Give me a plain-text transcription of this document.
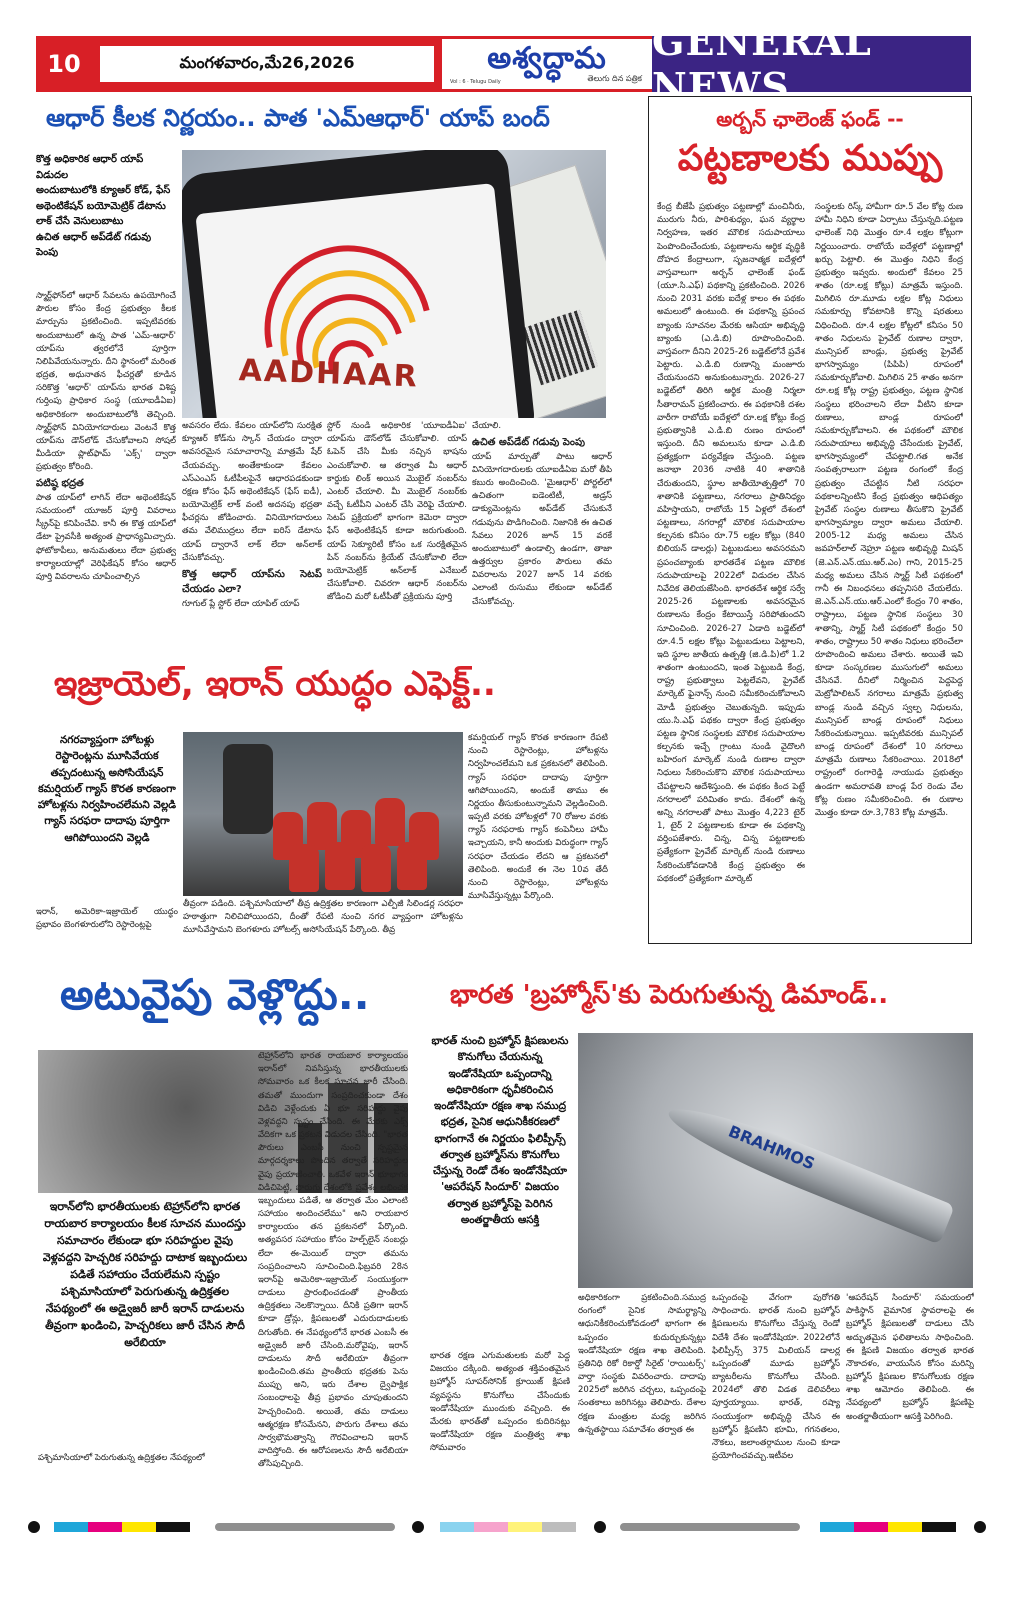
10	మంగళవారం,మే26,2026	అశ్వద్ధామ
తెలుగు దిన పత్రిక
Vol : 6 · Telugu Daily
GENERAL NEWS
ఆధార్ కీలక నిర్ణయం.. పాత 'ఎమ్ఆధార్' యాప్ బంద్
కొత్త అధికారిక ఆధార్ యాప్ విడుదల
అందుబాటులోకి క్యూఆర్ కోడ్, ఫేస్ అథెంటికేషన్ బయోమెట్రిక్ డేటాను లాక్ చేసే వెసులుబాటు
ఉచిత ఆధార్ అప్‌డేట్ గడువు పెంపు
స్మార్ట్‌ఫోన్‌లో ఆధార్ సేవలను ఉపయోగించే పౌరుల కోసం కేంద్ర ప్రభుత్వం కీలక మార్పును ప్రకటించింది. ఇప్పటివరకు అందుబాటులో ఉన్న పాత 'ఎమ్-ఆధార్' యాప్‌ను త్వరలోనే పూర్తిగా నిలిపివేయనున్నారు. దీని స్థానంలో మరింత భద్రత, అధునాతన ఫీచర్లతో కూడిన సరికొత్త 'ఆధార్' యాప్‌ను భారత విశిష్ట గుర్తింపు ప్రాధికార సంస్థ (యూఐడీఏఐ) అధికారికంగా అందుబాటులోకి తెచ్చింది. స్మార్ట్‌ఫోన్ వినియోగదారులు వెంటనే కొత్త యాప్‌ను డౌన్‌లోడ్ చేసుకోవాలని సోషల్ మీడియా ప్లాట్‌ఫామ్ 'ఎక్స్' ద్వారా ప్రభుత్వం కోరింది.
పటిష్ఠ భద్రత
పాత యాప్‌లో లాగిన్ లేదా అథెంటికేషన్ సమయంలో యూజర్ పూర్తి వివరాలు స్క్రీన్‌పై కనిపించేవి. కానీ ఈ కొత్త యాప్‌లో డేటా ప్రైవసీకి అత్యంత ప్రాధాన్యమిచ్చారు. ఫోటోకాపీలు, అనుమతులు లేదా ప్రభుత్వ కార్యాలయాల్లో వెరిఫికేషన్ కోసం ఆధార్ పూర్తి వివరాలను చూపించాల్సిన
AADHAAR
అవసరం లేదు. కేవలం యాప్‌లోని సురక్షిత క్యూఆర్ కోడ్‌ను స్కాన్ చేయడం ద్వారా అవసరమైన సమాచారాన్ని మాత్రమే షేర్ చేయవచ్చు. అంతేకాకుండా కేవలం ఎస్ఎంఎస్ ఓటీపీలపైనే ఆధారపడకుండా రక్షణ కోసం ఫేస్ అథెంటికేషన్ (ఫేస్ ఐడీ), బయోమెట్రిక్ లాక్ వంటి అదనపు భద్రతా ఫీచర్లను జోడించారు. వినియోగదారులు తమ వేలిముద్రలు లేదా ఐరిస్ డేటాను యాప్ ద్వారానే లాక్ లేదా అన్‌లాక్ చేసుకోవచ్చు.
కొత్త ఆధార్ యాప్‌ను సెటప్ చేయడం ఎలా?
గూగుల్ ప్లే స్టోర్ లేదా యాపిల్ యాప్
స్టోర్ నుండి అధికారిక 'యూఐడీఏఐ' యాప్‌ను డౌన్‌లోడ్ చేసుకోవాలి. యాప్ ఓపెన్ చేసి మీకు నచ్చిన భాషను ఎంచుకోవాలి. ఆ తర్వాత మీ ఆధార్ కార్డుకు లింక్ అయిన మొబైల్ నంబర్‌ను ఎంటర్ చేయాలి. మీ మొబైల్ నంబర్‌కు వచ్చే ఓటీపీని ఎంటర్ చేసి వెరిఫై చేయాలి. సెటప్ ప్రక్రియలో భాగంగా కెమెరా ద్వారా ఫేస్ అథెంటికేషన్ కూడా జరుగుతుంది. యాప్ సెక్యూరిటీ కోసం ఒక సురక్షితమైన పిన్ నంబర్‌ను క్రియేట్ చేసుకోవాలి లేదా బయోమెట్రిక్ అన్‌లాక్ ఎనేబుల్ చేసుకోవాలి. చివరగా ఆధార్ నంబర్‌ను జోడించి మరో ఓటీపీతో ప్రక్రియను పూర్తి
చేయాలి.
ఉచిత అప్‌డేట్ గడువు పెంపు
యాప్ మార్పుతో పాటు ఆధార్ వినియోగదారులకు యూఐడీఏఐ మరో తీపి కబురు అందించింది. 'మైఆధార్' పోర్టల్‌లో ఉచితంగా ఐడెంటిటీ, అడ్రస్ డాక్యుమెంట్లను అప్‌డేట్ చేసుకునే గడువును పొడిగించింది. నిజానికి ఈ ఉచిత సేవలు 2026 జూన్ 15 వరకే అందుబాటులో ఉండాల్సి ఉండగా, తాజా ఉత్తర్వుల ప్రకారం పౌరులు తమ వివరాలను 2027 జూన్ 14 వరకు ఎలాంటి రుసుము లేకుండా అప్‌డేట్ చేసుకోవచ్చు.
అర్బన్ ఛాలెంజ్ ఫండ్ --
పట్టణాలకు ముప్పు
కేంద్ర బీజేపీ ప్రభుత్వం పట్టణాల్లో మంచినీరు, మురుగు నీరు, పారిశుధ్యం, ఘన వ్యర్థాల నిర్వహణ, ఇతర మౌలిక సదుపాయాలు పెంపొందించేందుకు, పట్టణాలను ఆర్థిక వృద్ధికి దోహద కేంద్రాలుగా, సృజనాత్మక ఐదేళ్లలో వాస్తవాలుగా అర్బన్ ఛాలెంజ్ ఫండ్ (యూ.సి.ఎఫ్) పథకాన్ని ప్రకటించింది. 2026 నుంచి 2031 వరకు ఐదేళ్ల కాలం ఈ పథకం అమలులో ఉంటుంది. ఈ పథకాన్ని ప్రపంచ బ్యాంకు సూచనల మేరకు ఆసియా అభివృద్ధి బ్యాంకు (ఎ.డి.బి) రూపొందించింది. వాస్తవంగా దీనిని 2025-26 బడ్జెట్‌లోనే ప్రవేశ పెట్టారు. ఎ.డి.బి రుణాన్ని మంజూరు చేయనుందని అనుకుంటున్నారు. 2026-27 బడ్జెట్‌లో తిరిగి ఆర్థిక మంత్రి నిర్మలా సీతారామన్ ప్రకటించారు. ఈ పథకానికి దశల వారీగా రాబోయే ఐదేళ్లలో రూ.లక్ష కోట్లు కేంద్ర ప్రభుత్వానికి ఎ.డి.బి రుణం రూపంలో ఇస్తుంది. దీని అమలును కూడా ఎ.డి.బి ప్రత్యక్షంగా పర్యవేక్షణ చేస్తుంది. పట్టణ జనాభా 2036 నాటికి 40 శాతానికి చేరుతుందని, స్థూల జాతీయోత్పత్తిలో 70 శాతానికి పట్టణాలు, నగరాలు ప్రాతినిధ్యం వహిస్తాయని, రాబోయే 15 ఏళ్లలో దేశంలో పట్టణాలు, నగరాల్లో మౌలిక సదుపాయాల కల్పనకు కనీసం రూ.75 లక్షల కోట్లు (840 బిలియన్ డాలర్లు) పెట్టుబడులు అవసరమని ప్రపంచబ్యాంకు భారతదేశ పట్టణ మౌలిక సదుపాయాలపై 2022లో విడుదల చేసిన నివేదిక తెలియజేసింది. భారతదేశ ఆర్థిక సర్వే 2025-26 పట్టణాలకు అవసరమైన రుణాలను కేంద్రం కేటాయిస్తే సరిపోతుందని సూచించింది. 2026-27 ఏడాది బడ్జెట్‌లో రూ.4.5 లక్షల కోట్లు పెట్టుబడులు పెట్టాలని, ఇది స్థూల జాతీయ ఉత్పత్తి (జి.డి.పి)లో 1.2 శాతంగా ఉంటుందని, ఇంత పెట్టుబడి కేంద్ర, రాష్ట్ర ప్రభుత్వాలు పెట్టలేవని, ప్రైవేట్ మార్కెట్ ఫైనాన్స్ నుంచి సమీకరించుకోవాలని మోడీ ప్రభుత్వం చెబుతున్నది. ఇప్పుడు యు.సి.ఎఫ్ పథకం ద్వారా కేంద్ర ప్రభుత్వం పట్టణ స్థానిక సంస్థలకు మౌలిక సదుపాయాల కల్పనకు ఇచ్చే గ్రాంటు నుండి వైదొలగి బహిరంగ మార్కెట్ నుండి రుణాల ద్వారా నిధులు సేకరించుకొని మౌలిక సదుపాయాలు చేపట్టాలని ఆదేశిస్తుంది. ఈ పథకం కింద పెట్టే నగరాలలో పరిమితం కాదు. దేశంలో ఉన్న అన్ని నగరాలతో పాటు మొత్తం 4,223 టైర్ 1, టైర్ 2 పట్టణాలకు కూడా ఈ పథకాన్ని వర్తింపజేశారు. చిన్న, చిన్న పట్టణాలకు ప్రత్యేకంగా ప్రైవేట్ మార్కెట్ నుండి రుణాలు సేకరించుకోవడానికి కేంద్ర ప్రభుత్వం ఈ పథకంలో ప్రత్యేకంగా మార్కెట్
సంస్థలకు రిస్క్ హామీగా రూ.5 వేల కోట్ల రుణ హామీ నిధిని కూడా ఏర్పాటు చేస్తున్నది.పట్టణ ఛాలెంజ్ నిధి మొత్తం రూ.4 లక్షల కోట్లుగా నిర్ణయించారు. రాబోయే ఐదేళ్లలో పట్టణాల్లో ఖర్చు పెట్టాలి. ఈ మొత్తం నిధిని కేంద్ర ప్రభుత్వం ఇవ్వదు. అందులో కేవలం 25 శాతం (రూ.లక్ష కోట్లు) మాత్రమే ఇస్తుంది. మిగిలిన రూ.మూడు లక్షల కోట్ల నిధులు సమకూర్చు కోవటానికి కొన్ని షరతులు విధించింది. రూ.4 లక్షల కోట్లలో కనీసం 50 శాతం నిధులను ప్రైవేట్ రుణాల ద్వారా, మున్సిపల్ బాండ్లు, ప్రభుత్వ ప్రైవేట్ భాగస్వామ్యం (పిపిపి) రూపంలో సమకూర్చుకోవాలి. మిగిలిన 25 శాతం అనగా రూ.లక్ష కోట్ల రాష్ట్ర ప్రభుత్వం, పట్టణ స్థానిక సంస్థలు భరించాలని లేదా వీటిని కూడా రుణాలు, బాండ్ల రూపంలో సమకూర్చుకోవాలని. ఈ పథకంలో మౌలిక సదుపాయాలు అభివృద్ధి చేసేందుకు ప్రైవేట్, భాగస్వామ్యంలో చేపట్టాలి.గత అనేక సంవత్సరాలుగా పట్టణ రంగంలో కేంద్ర ప్రభుత్వం చేపట్టిన నీటి సరఫరా పథకాలన్నింటిని కేంద్ర ప్రభుత్వం ఆధిపత్యం ప్రైవేట్ సంస్థల రుణాలు తీసుకొని ప్రైవేట్ భాగస్వామ్యాల ద్వారా అమలు చేయాలి. 2005-12 మధ్య అమలు చేసిన జవహర్‌లాల్ నెహ్రూ పట్టణ అభివృద్ధి మిషన్ (జె.ఎన్.ఎన్.యు.ఆర్.ఎం) గాని, 2015-25 మధ్య అమలు చేసిన స్మార్ట్ సిటీ పథకంలో గానీ ఈ నిబంధనలు తప్పనిసరి చేయలేదు. జె.ఎన్.ఎన్.యు.ఆర్.ఎంలో కేంద్రం 70 శాతం, రాష్ట్రాలు, పట్టణ స్థానిక సంస్థలు 30 శాతాన్ని, స్మార్ట్ సిటీ పథకంలో కేంద్రం 50 శాతం, రాష్ట్రాలు 50 శాతం నిధులు భరించేలా రూపొందించి అమలు చేశారు. అయితే ఇవి కూడా సంస్కరణల ముసుగులో అమలు చేసినవే. దీనిలో నిర్మించిన పెద్దపెద్ద మెట్రోపాలిటన్ నగరాలు మాత్రమే ప్రభుత్వ బాండ్ల నుండి వచ్చిన స్వల్ప నిధులను, మున్సిపల్ బాండ్ల రూపంలో నిధులు సేకరించుకున్నాయి. ఇప్పటివరకు మున్సిపల్ బాండ్ల రూపంలో దేశంలో 10 నగరాలు మాత్రమే రుణాలు సేకరించాయి. 2018లో రాష్ట్రంలో రంగారెడ్డి నాయుడు ప్రభుత్వం ఉండగా అమరావతి బాండ్ల పేర రెండు వేల కోట్ల రుణం సమీకరించింది. ఈ రుణాల మొత్తం కూడా రూ.3,783 కోట్ల మాత్రమే.
ఇజ్రాయెల్, ఇరాన్ యుద్ధం ఎఫెక్ట్..
నగరవ్యాప్తంగా హోటళ్లు రెస్టారెంట్లను మూసివేయక తప్పదంటున్న అసోసియేషన్ కమర్షియల్ గ్యాస్ కొరత కారణంగా హోటళ్లను నిర్వహించలేమని వెల్లడి గ్యాస్ సరఫరా దాదాపు పూర్తిగా ఆగిపోయిందని వెల్లడి
ఇరాన్, అమెరికా-ఇజ్రాయెల్ యుద్ధం ప్రభావం బెంగళూరులోని రెస్టారెంట్లపై
తీవ్రంగా పడింది. పశ్చిమాసియాలో తీవ్ర ఉద్రిక్తతల కారణంగా ఎల్పీజీ సిలిండర్ల సరఫరా హఠాత్తుగా నిలిచిపోయిందని, దీంతో రేపటి నుంచి నగర వ్యాప్తంగా హోటళ్లను మూసివేస్తామని బెంగళూరు హోటల్స్ అసోసియేషన్ పేర్కొంది. తీవ్ర
కమర్షియల్ గ్యాస్ కొరత కారణంగా రేపటి నుంచి రెస్టారెంట్లు, హోటళ్లను నిర్వహించలేమని ఒక ప్రకటనలో తెలిపింది. గ్యాస్ సరఫరా దాదాపు పూర్తిగా ఆగిపోయిందని, అందుకే తాము ఈ నిర్ణయం తీసుకుంటున్నామని వెల్లడించింది. ఇప్పటి వరకు హోటళ్లలో 70 రోజుల వరకు గ్యాస్ సరఫరాకు గ్యాస్ కంపెనీలు హామీ ఇచ్చాయని, కానీ అందుకు విరుద్ధంగా గ్యాస్ సరఫరా చేయడం లేదని ఆ ప్రకటనలో తెలిపింది. అందుకే ఈ నెల 10వ తేదీ నుంచి రెస్టారెంట్లు, హోటళ్లను మూసివేస్తున్నట్లు పేర్కొంది.
అటువైపు వెళ్లొద్దు..
ఇరాన్‌లోని భారతీయులకు టెహ్రాన్‌లోని భారత రాయబార కార్యాలయం కీలక సూచన ముందస్తు సమాచారం లేకుండా భూ సరిహద్దుల వైపు వెళ్లవద్దని హెచ్చరిక సరిహద్దు దాటాక ఇబ్బందులు పడితే సహాయం చేయలేమని స్పష్టం పశ్చిమాసియాలో పెరుగుతున్న ఉద్రిక్తతల నేపథ్యంలో ఈ అడ్వైజరీ జారీ ఇరాన్ దాడులను తీవ్రంగా ఖండించి, హెచ్చరికలు జారీ చేసిన సౌదీ అరేబియా
పశ్చిమాసియాలో పెరుగుతున్న ఉద్రిక్తతల నేపథ్యంలో
టెహ్రాన్‌లోని భారత రాయబార కార్యాలయం ఇరాన్‌లో నివసిస్తున్న భారతీయులకు సోమవారం ఒక కీలక సూచన జారీ చేసింది. తమతో ముందుగా సంప్రదించకుండా దేశం విడిచి వెళ్లేందుకు ఏ భూ సరిహద్దు వైపు వెళ్లవద్దని స్పష్టం చేసింది. ఈ మేరకు ఎక్స్ వేదికగా ఒక ప్రకటన విడుదల చేసింది. "భారత పౌరులు ఎంబసీ నుంచి స్పష్టమైన మార్గదర్శకాలు పొందిన తర్వాతే సరిహద్దుల వైపు ప్రయాణించాలి. ఒకవేళ ఇరాన్ భూభాగం విడిచిపెట్టి, పొరుగు దేశంలోకి ప్రవేశం లభించక ఇబ్బందులు పడితే, ఆ తర్వాత మేం ఎలాంటి సహాయం అందించలేము" అని రాయబార కార్యాలయం తన ప్రకటనలో పేర్కొంది. అత్యవసర సహాయం కోసం హెల్ప్‌లైన్ నంబర్లు లేదా ఈ-మెయిల్ ద్వారా తమను సంప్రదించాలని సూచించింది.ఫిబ్రవరి 28న ఇరాన్‌పై అమెరికా-ఇజ్రాయెల్ సంయుక్తంగా దాడులు ప్రారంభించడంతో ప్రాంతీయ ఉద్రిక్తతలు నెలకొన్నాయి. దీనికి ప్రతిగా ఇరాన్ కూడా డ్రోన్లు, క్షిపణులతో ఎదురుదాడులకు దిగుతోంది. ఈ నేపథ్యంలోనే భారత ఎంబసీ ఈ అడ్వైజరీ జారీ చేసింది.మరోవైపు, ఇరాన్ దాడులను సౌదీ అరేబియా తీవ్రంగా ఖండించింది.తమ ప్రాంతీయ భద్రతకు పెను ముప్పు అని, ఇరు దేశాల ద్వైపాక్షిక సంబంధాలపై తీవ్ర ప్రభావం చూపుతుందని హెచ్చరించింది. అయితే, తమ దాడులు ఆత్మరక్షణ కోసమేనని, పొరుగు దేశాలు తమ సార్వభౌమత్వాన్ని గౌరవించాలని ఇరాన్ వాదిస్తోంది. ఈ ఆరోపణలను సౌదీ అరేబియా తోసిపుచ్చింది.
భారత 'బ్రహ్మోస్'కు పెరుగుతున్న డిమాండ్..
భారత్ నుంచి బ్రహ్మోస్ క్షిపణులను కొనుగోలు చేయనున్న ఇండోనేషియా ఒప్పందాన్ని అధికారికంగా ధృవీకరించిన ఇండోనేషియా రక్షణ శాఖ సముద్ర భద్రత, సైనిక ఆధునికీకరణలో భాగంగానే ఈ నిర్ణయం ఫిలిప్పీన్స్ తర్వాత బ్రహ్మోస్‌ను కొనుగోలు చేస్తున్న రెండో దేశం ఇండోనేషియా 'ఆపరేషన్ సిందూర్' విజయం తర్వాత బ్రహ్మోస్‌పై పెరిగిన అంతర్జాతీయ ఆసక్తి
భారత రక్షణ ఎగుమతులకు మరో పెద్ద విజయం దక్కింది. అత్యంత శక్తివంతమైన బ్రహ్మోస్ సూపర్‌సోనిక్ క్రూయిజ్ క్షిపణి వ్యవస్థను కొనుగోలు చేసేందుకు ఇండోనేషియా ముందుకు వచ్చింది. ఈ మేరకు భారత్‌తో ఒప్పందం కుదిరినట్లు ఇండోనేషియా రక్షణ మంత్రిత్వ శాఖ సోమవారం
BRAHMOS
అధికారికంగా ప్రకటించింది.సముద్ర రంగంలో సైనిక సామర్థ్యాన్ని ఆధునికీకరించుకోవడంలో భాగంగా ఈ ఒప్పందం కుదుర్చుకున్నట్లు ఇండోనేషియా రక్షణ శాఖ తెలిపింది. ప్రతినిధి రికో రికార్డో సిరైట్ 'రాయిటర్స్' వార్తా సంస్థకు వివరించారు. దాదాపు 2025లో జరిగిన చర్చలు, ఒప్పందంపై సంతకాలు జరిగినట్లు తెలిపారు. దేశాల రక్షణ మంత్రుల మధ్య జరిగిన ఉన్నతస్థాయి సమావేశం తర్వాత ఈ
ఒప్పందంపై వేగంగా పురోగతి సాధించారు. భారత్ నుంచి బ్రహ్మోస్ క్షిపణులను కొనుగోలు చేస్తున్న రెండో విదేశీ దేశం ఇండోనేషియా. 2022లోనే ఫిలిప్పీన్స్ 375 మిలియన్ డాలర్ల ఒప్పందంతో మూడు బ్రహ్మోస్ బ్యాటరీలను కొనుగోలు చేసింది. 2024లో తొలి విడత డెలివరీలు పూర్తయ్యాయి. భారత్, రష్యా సంయుక్తంగా అభివృద్ధి చేసిన ఈ బ్రహ్మోస్ క్షిపణిని భూమి, గగనతలం, నౌకలు, జలాంతర్గాముల నుంచి కూడా ప్రయోగించవచ్చు.ఇటీవల
'ఆపరేషన్ సిందూర్' సమయంలో పాకిస్థాన్ వైమానిక స్థావరాలపై ఈ బ్రహ్మోస్ క్షిపణులతో దాడులు చేసి అద్భుతమైన ఫలితాలను సాధించింది. ఈ క్షిపణి విజయం తర్వాత భారత నౌకాదళం, వాయుసేన కోసం మరిన్ని బ్రహ్మోస్ క్షిపణుల కొనుగోలుకు రక్షణ శాఖ ఆమోదం తెలిపింది. ఈ నేపథ్యంలో బ్రహ్మోస్ క్షిపణిపై అంతర్జాతీయంగా ఆసక్తి పెరిగింది.
